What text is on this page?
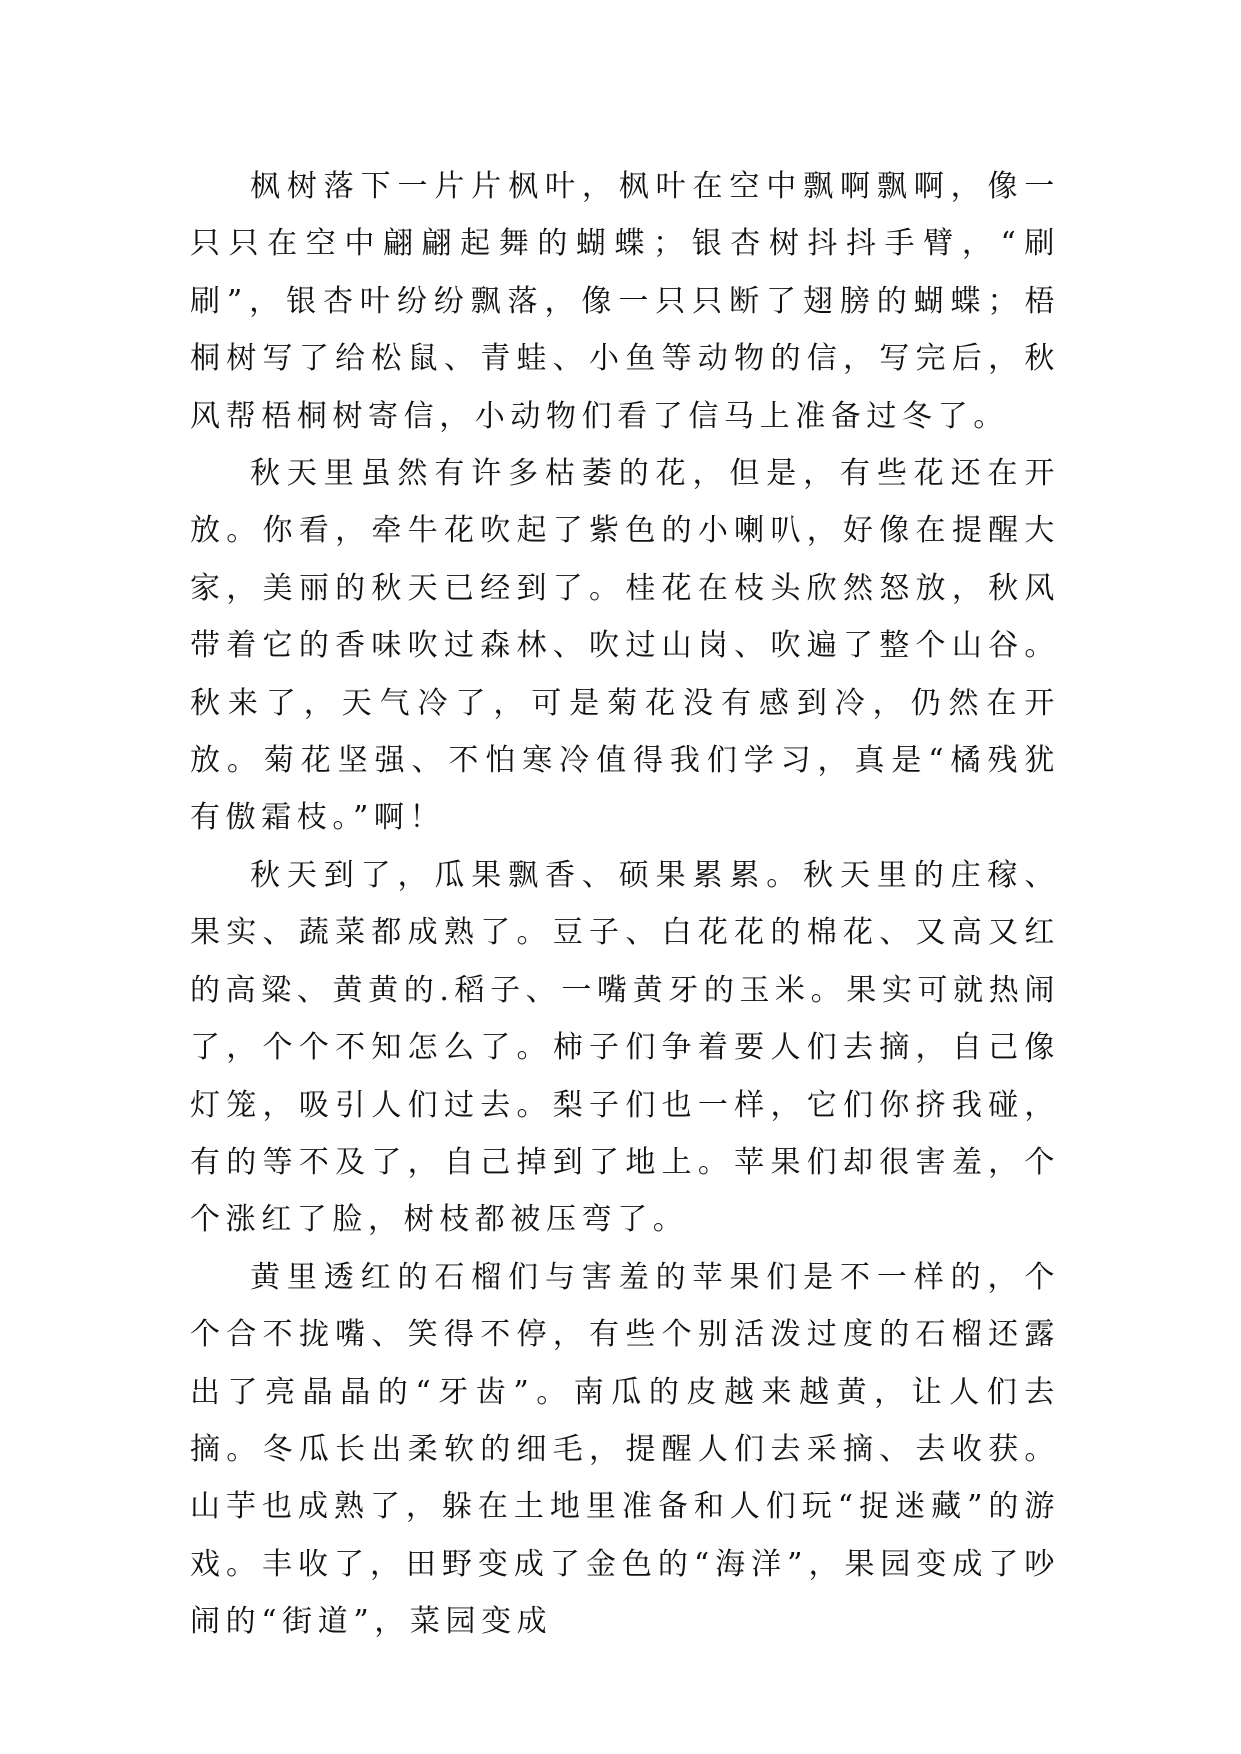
枫树落下一片片枫叶，枫叶在空中飘啊飘啊，像一只只在空中翩翩起舞的蝴蝶；银杏树抖抖手臂，“刷刷”，银杏叶纷纷飘落，像一只只断了翅膀的蝴蝶；梧桐树写了给松鼠、青蛙、小鱼等动物的信，写完后，秋风帮梧桐树寄信，小动物们看了信马上准备过冬了。

秋天里虽然有许多枯萎的花，但是，有些花还在开放。你看，牵牛花吹起了紫色的小喇叭，好像在提醒大家，美丽的秋天已经到了。桂花在枝头欣然怒放，秋风带着它的香味吹过森林、吹过山岗、吹遍了整个山谷。秋来了，天气冷了，可是菊花没有感到冷，仍然在开放。菊花坚强、不怕寒冷值得我们学习，真是“橘残犹有傲霜枝。”啊！

秋天到了，瓜果飘香、硕果累累。秋天里的庄稼、果实、蔬菜都成熟了。豆子、白花花的棉花、又高又红的高粱、黄黄的.稻子、一嘴黄牙的玉米。果实可就热闹了，个个不知怎么了。柿子们争着要人们去摘，自己像灯笼，吸引人们过去。梨子们也一样，它们你挤我碰，有的等不及了，自己掉到了地上。苹果们却很害羞，个个涨红了脸，树枝都被压弯了。

黄里透红的石榴们与害羞的苹果们是不一样的，个个合不拢嘴、笑得不停，有些个别活泼过度的石榴还露出了亮晶晶的“牙齿”。南瓜的皮越来越黄，让人们去摘。冬瓜长出柔软的细毛，提醒人们去采摘、去收获。山芋也成熟了，躲在土地里准备和人们玩“捉迷藏”的游戏。丰收了，田野变成了金色的“海洋”，果园变成了吵闹的“街道”，菜园变成
